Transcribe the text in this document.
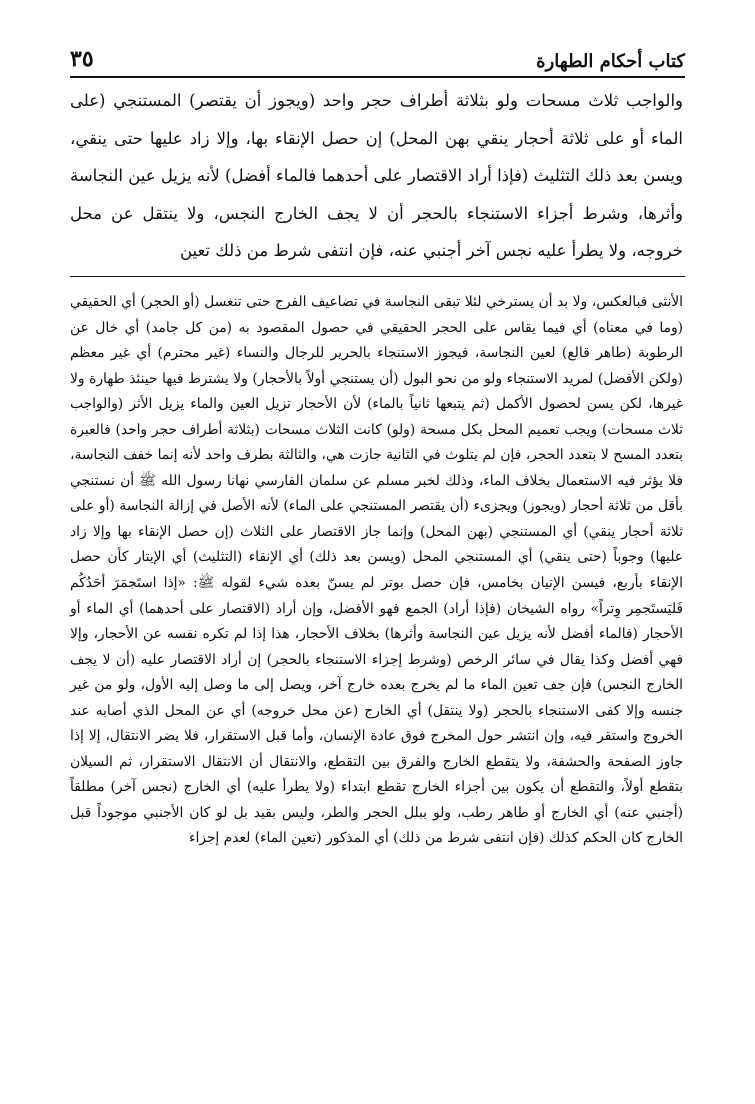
٣٥	كتاب أحكام الطهارة

والواجب ثلاث مسحات ولو بثلاثة أطراف حجر واحد (ويجوز أن يقتصر) المستنجي (على الماء أو على ثلاثة أحجار ينقي بهن المحل) إن حصل الإنقاء بها، وإلا زاد عليها حتى ينقي، ويسن بعد ذلك التثليث (فإذا أراد الاقتصار على أحدهما فالماء أفضل) لأنه يزيل عين النجاسة وأثرها، وشرط أجزاء الاستنجاء بالحجر أن لا يجف الخارج النجس، ولا ينتقل عن محل خروجه، ولا يطرأ عليه نجس آخر أجنبي عنه، فإن انتفى شرط من ذلك تعين

الأنثى فبالعكس، ولا بد أن يسترخي لئلا تبقى النجاسة في تضاعيف الفرج حتى تنغسل (أو الحجر) أي الحقيقي (وما في معناه) أي فيما يقاس على الحجر الحقيقي في حصول المقصود به (من كل جامد) أي خال عن الرطوبة (طاهر قالع) لعين النجاسة، فيجوز الاستنجاء بالحرير للرجال والنساء (غير محترم) أي غير معظم (ولكن الأفضل) لمريد الاستنجاء ولو من نحو البول (أن يستنجي أولاً بالأحجار) ولا يشترط فيها حينئذ طهارة ولا غيرها، لكن يسن لحصول الأكمل (ثم يتبعها ثانياً بالماء) لأن الأحجار تزيل العين والماء يزيل الأثر (والواجب ثلاث مسحات) ويجب تعميم المحل بكل مسحة (ولو) كانت الثلاث مسحات (بثلاثة أطراف حجر واحد) فالعبرة بتعدد المسح لا بتعدد الحجر، فإن لم يتلوث في الثانية جازت هي، والثالثة بطرف واحد لأنه إنما خفف النجاسة، فلا يؤثر فيه الاستعمال بخلاف الماء، وذلك لخبر مسلم عن سلمان الفارسي نهانا رسول الله ﷺ أن نستنجي بأقل من ثلاثة أحجار (ويجوز) ويجزىء (أن يقتصر المستنجي على الماء) لأنه الأصل في إزالة النجاسة (أو على ثلاثة أحجار ينقي) أي المستنجي (بهن المحل) وإنما جاز الاقتصار على الثلاث (إن حصل الإنقاء بها وإلا زاد عليها) وجوباً (حتى ينقي) أي المستنجي المحل (ويسن بعد ذلك) أي الإنقاء (التثليث) أي الإيتار كأن حصل الإنقاء بأربع، فيسن الإتيان بخامس، فإن حصل بوتر لم يسنّ بعده شيء لقوله ﷺ: «إذا استَجمَرَ أحَدُكُم فَليَستَجمِر وِتراً» رواه الشيخان (فإذا أراد) الجمع فهو الأفضل، وإن أراد (الاقتصار على أحدهما) أي الماء أو الأحجار (فالماء أفضل لأنه يزيل عين النجاسة وأثرها) بخلاف الأحجار، هذا إذا لم تكره نفسه عن الأحجار، وإلا فهي أفضل وكذا يقال في سائر الرخص (وشرط إجزاء الاستنجاء بالحجر) إن أراد الاقتصار عليه (أن لا يجف الخارج النجس) فإن جف تعين الماء ما لم يخرج بعده خارج آخر، ويصل إلى ما وصل إليه الأول، ولو من غير جنسه وإلا كفى الاستنجاء بالحجر (ولا ينتقل) أي الخارج (عن محل خروجه) أي عن المحل الذي أصابه عند الخروج واستقر فيه، وإن انتشر حول المخرج فوق عادة الإنسان، وأما قبل الاستقرار، فلا يضر الانتقال، إلا إذا جاوز الصفحة والحشفة، ولا يتقطع الخارج والفرق بين التقطع، والانتقال أن الانتقال الاستقرار، ثم السيلان بتقطع أولاً، والتقطع أن يكون بين أجزاء الخارج تقطع ابتداء (ولا يطرأ عليه) أي الخارج (نجس آخر) مطلقاً (أجنبي عنه) أي الخارج أو طاهر رطب، ولو ببلل الحجر والطر، وليس بقيد بل لو كان الأجنبي موجوداً قبل الخارج كان الحكم كذلك (فإن انتفى شرط من ذلك) أي المذكور (تعين الماء) لعدم إجزاء
